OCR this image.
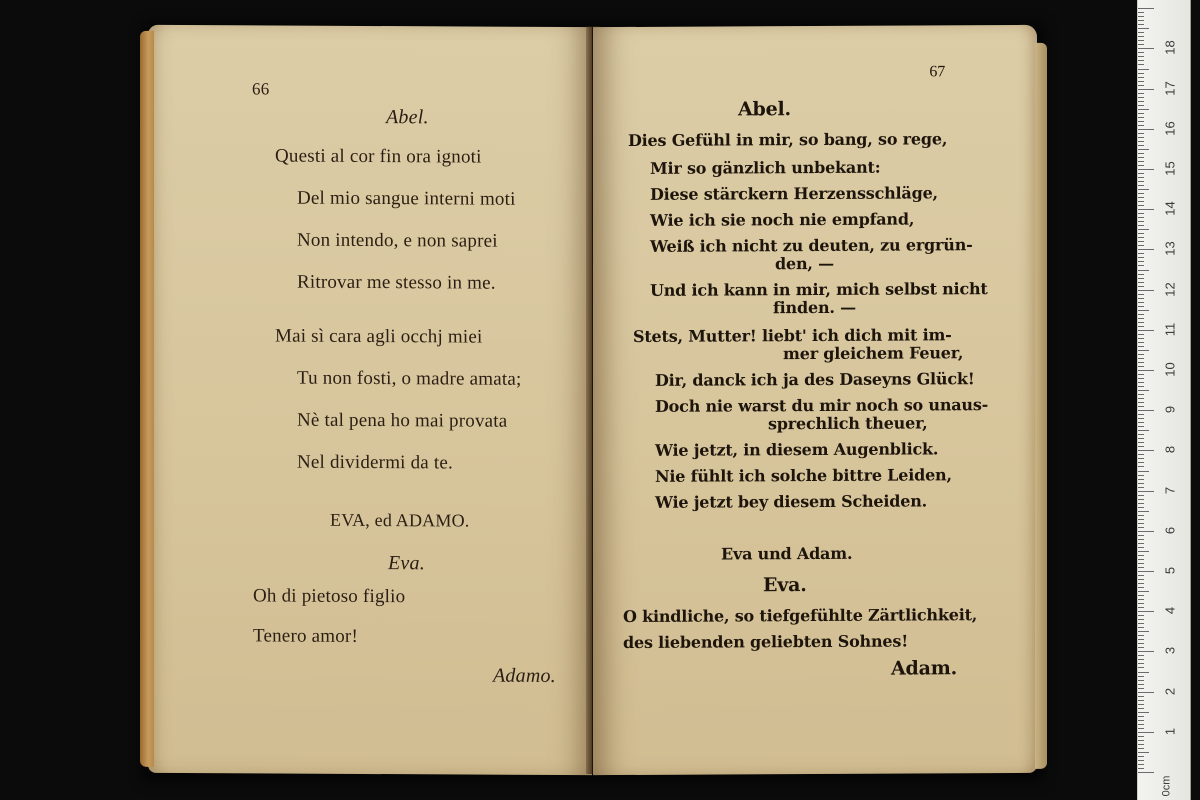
66
Abel.
Questi al cor fin ora ignoti
Del mio sangue interni moti
Non intendo, e non saprei
Ritrovar me stesso in me.
Mai sì cara agli occhj miei
Tu non fosti, o madre amata;
Nè tal pena ho mai provata
Nel dividermi da te.
EVA, ed ADAMO.
Eva.
Oh di pietoso figlio
Tenero amor!
Adamo.
67
Abel.
Dies Gefühl in mir, so bang, so rege,
Mir so gänzlich unbekant:
Diese stärckern Herzensschläge,
Wie ich sie noch nie empfand,
Weiß ich nicht zu deuten, zu ergrün-
den, —
Und ich kann in mir, mich selbst nicht
finden. —
Stets, Mutter! liebt' ich dich mit im-
mer gleichem Feuer,
Dir, danck ich ja des Daseyns Glück!
Doch nie warst du mir noch so unaus-
sprechlich theuer,
Wie jetzt, in diesem Augenblick.
Nie fühlt ich solche bittre Leiden,
Wie jetzt bey diesem Scheiden.
Eva und Adam.
Eva.
O kindliche, so tiefgefühlte Zärtlichkeit,
des liebenden geliebten Sohnes!
Adam.
0cm
1
2
3
4
5
6
7
8
9
10
11
12
13
14
15
16
17
18
